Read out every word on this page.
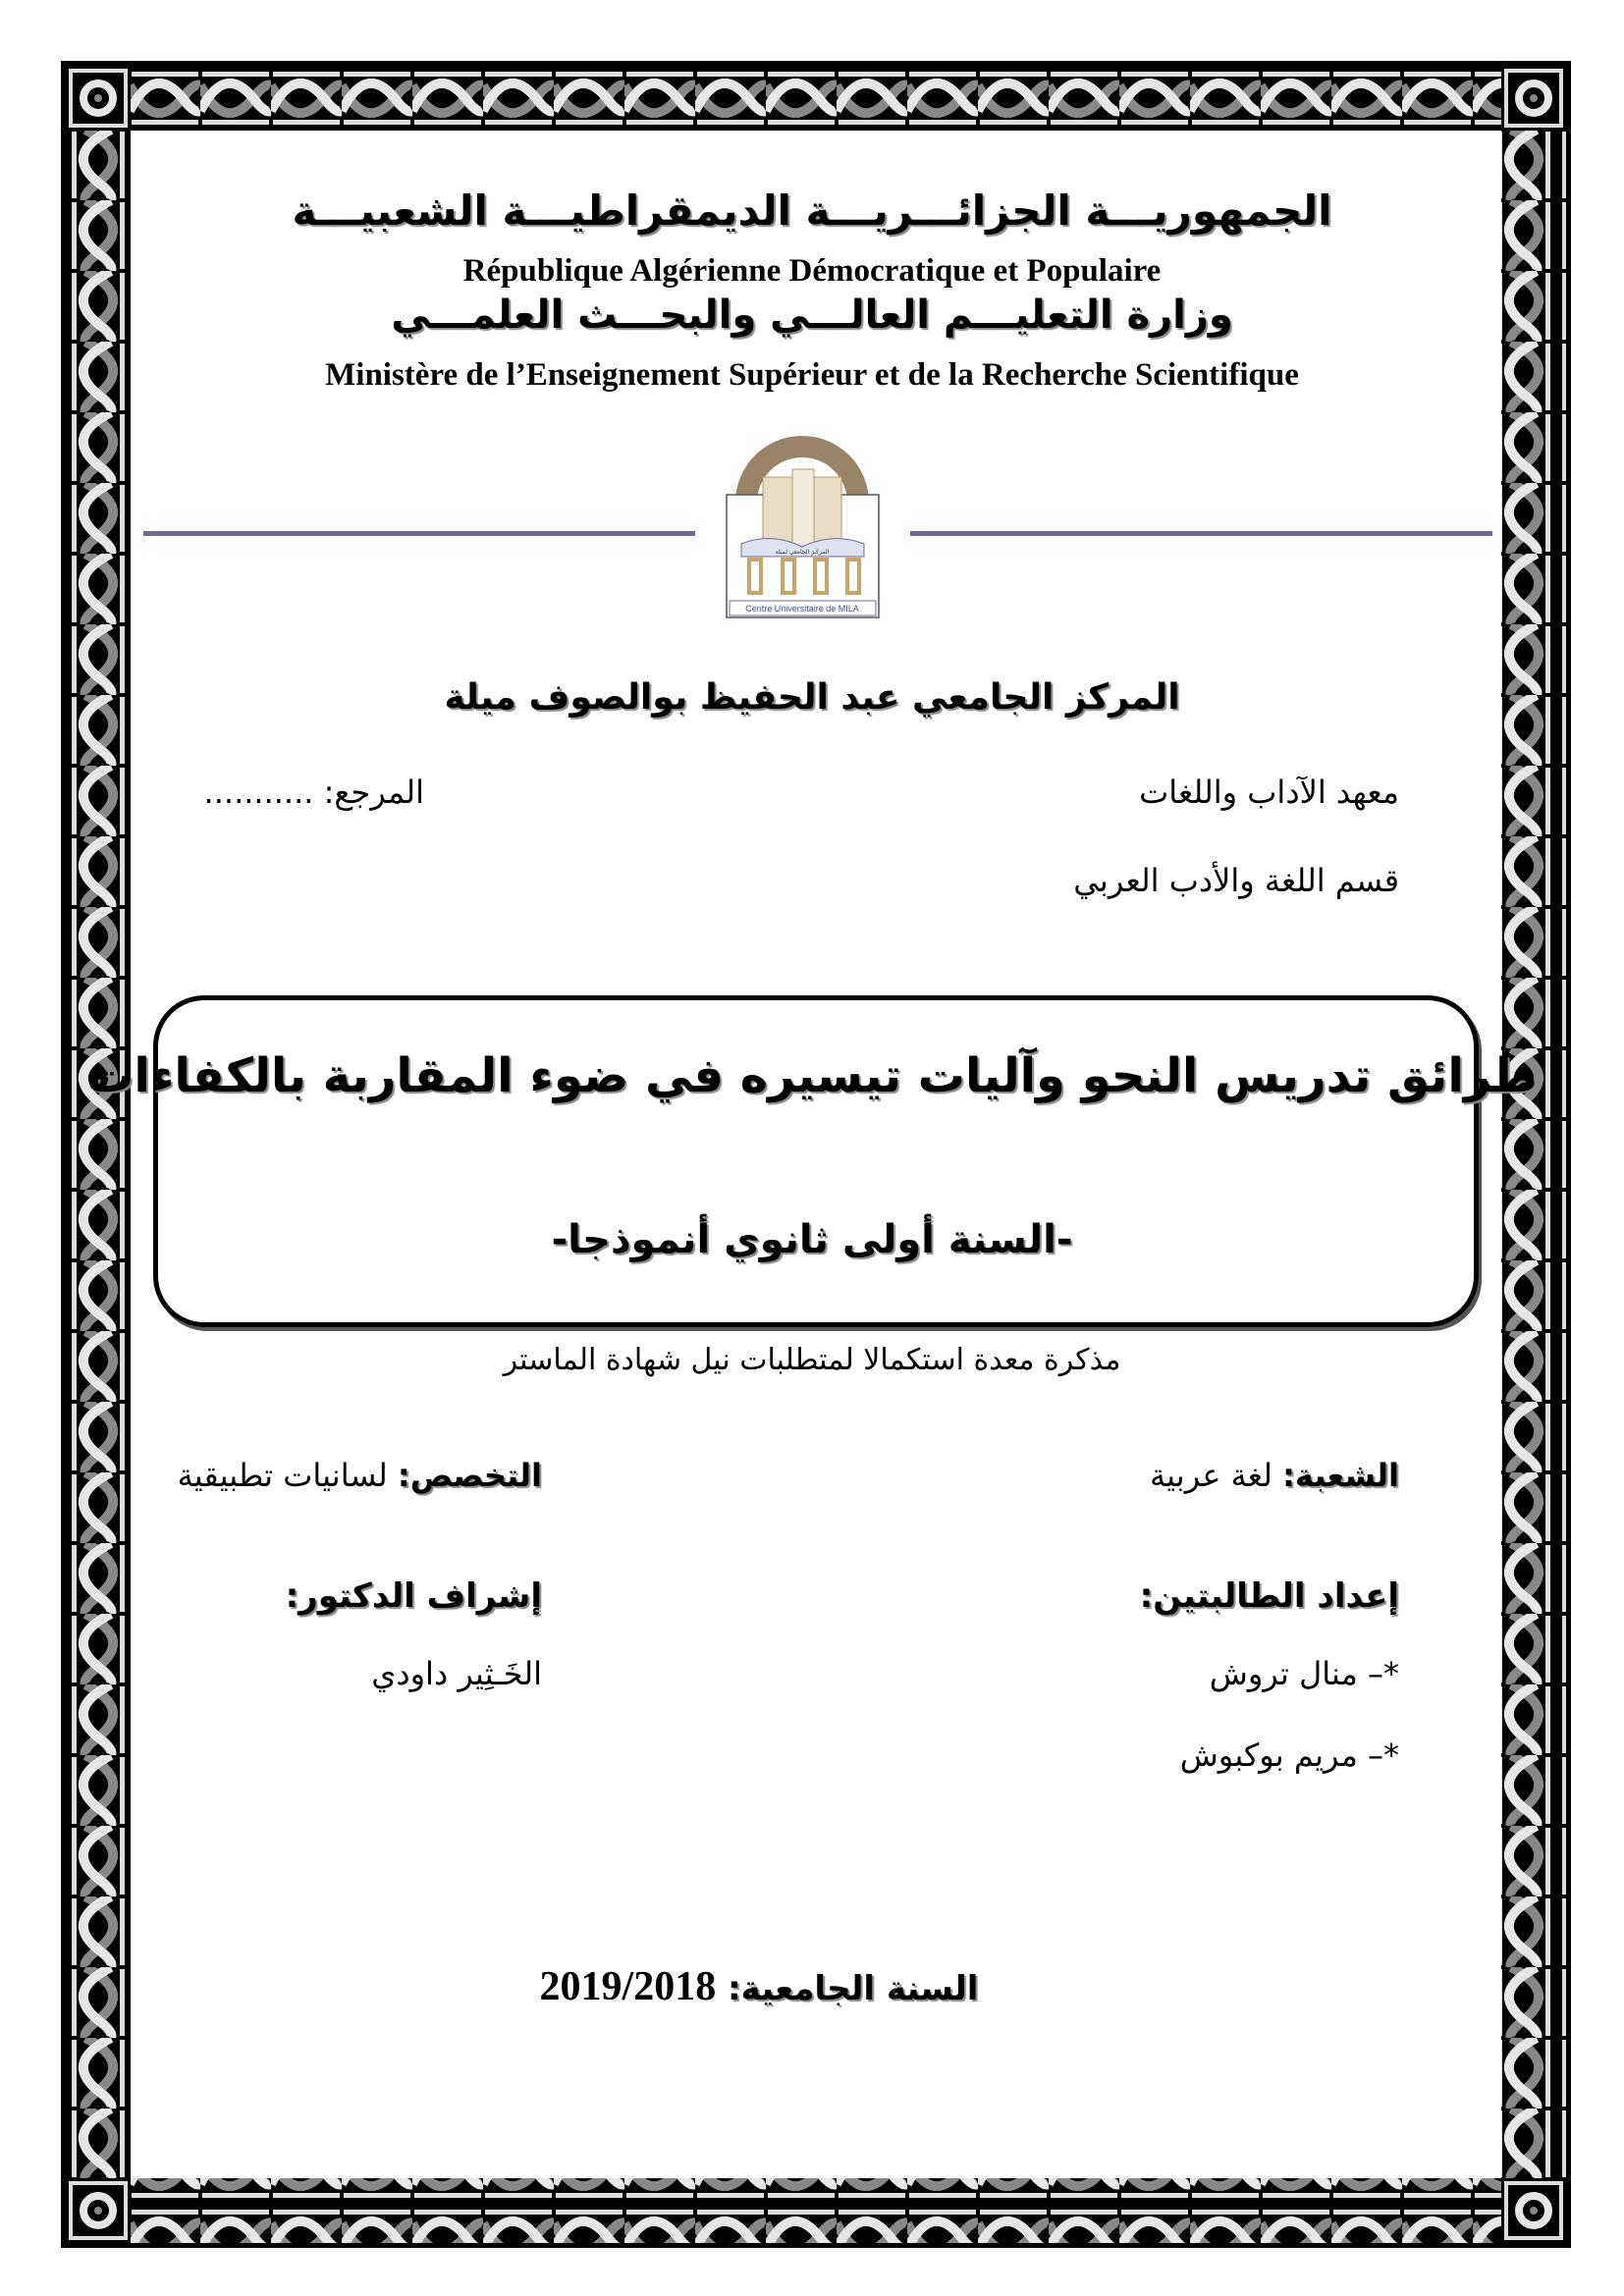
الجمهوريـــة الجزائـــريـــة الديمقراطيـــة الشعبيـــة
République Algérienne Démocratique et Populaire
وزارة التعليـــم العالـــي والبحـــث العلمـــي
Ministère de l’Enseignement Supérieur et de la Recherche Scientifique
المركـز الجامعي لميلة
Centre Universitaire de MILA
المركز الجامعي عبد الحفيظ بوالصوف ميلة
معهد الآداب واللغات
المرجع: ...........
قسم اللغة والأدب العربي
طرائق تدريس النحو وآليات تيسيره في ضوء المقاربة بالكفاءات
-السنة أولى ثانوي أنموذجا-
مذكرة معدة استكمالا لمتطلبات نيل شهادة الماستر
الشعبة: لغة عربية
التخصص: لسانيات تطبيقية
إعداد الطالبتين:
إشراف الدكتور:
*– منال تروش
*– مريم بوكبوش
الخَـثِير داودي
السنة الجامعية: 2019/2018
